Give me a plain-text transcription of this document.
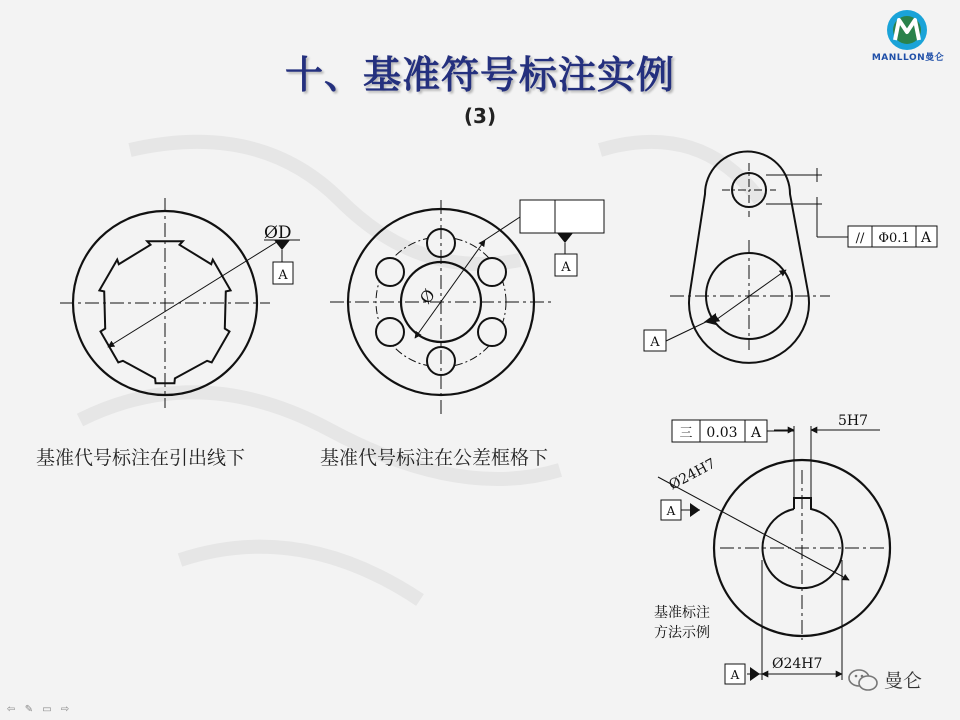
MANLLON曼仑
十、基准符号标注实例
(3)
ØD
A
Ø
A
// Φ0.1 A
A
三 0.03 A
5H7
Ø24H7
Ø24H7
A
A
基准代号标注在引出线下	基准代号标注在公差框格下
基准标注
方法示例
曼仑
⇦ ✎ ▭ ⇨
